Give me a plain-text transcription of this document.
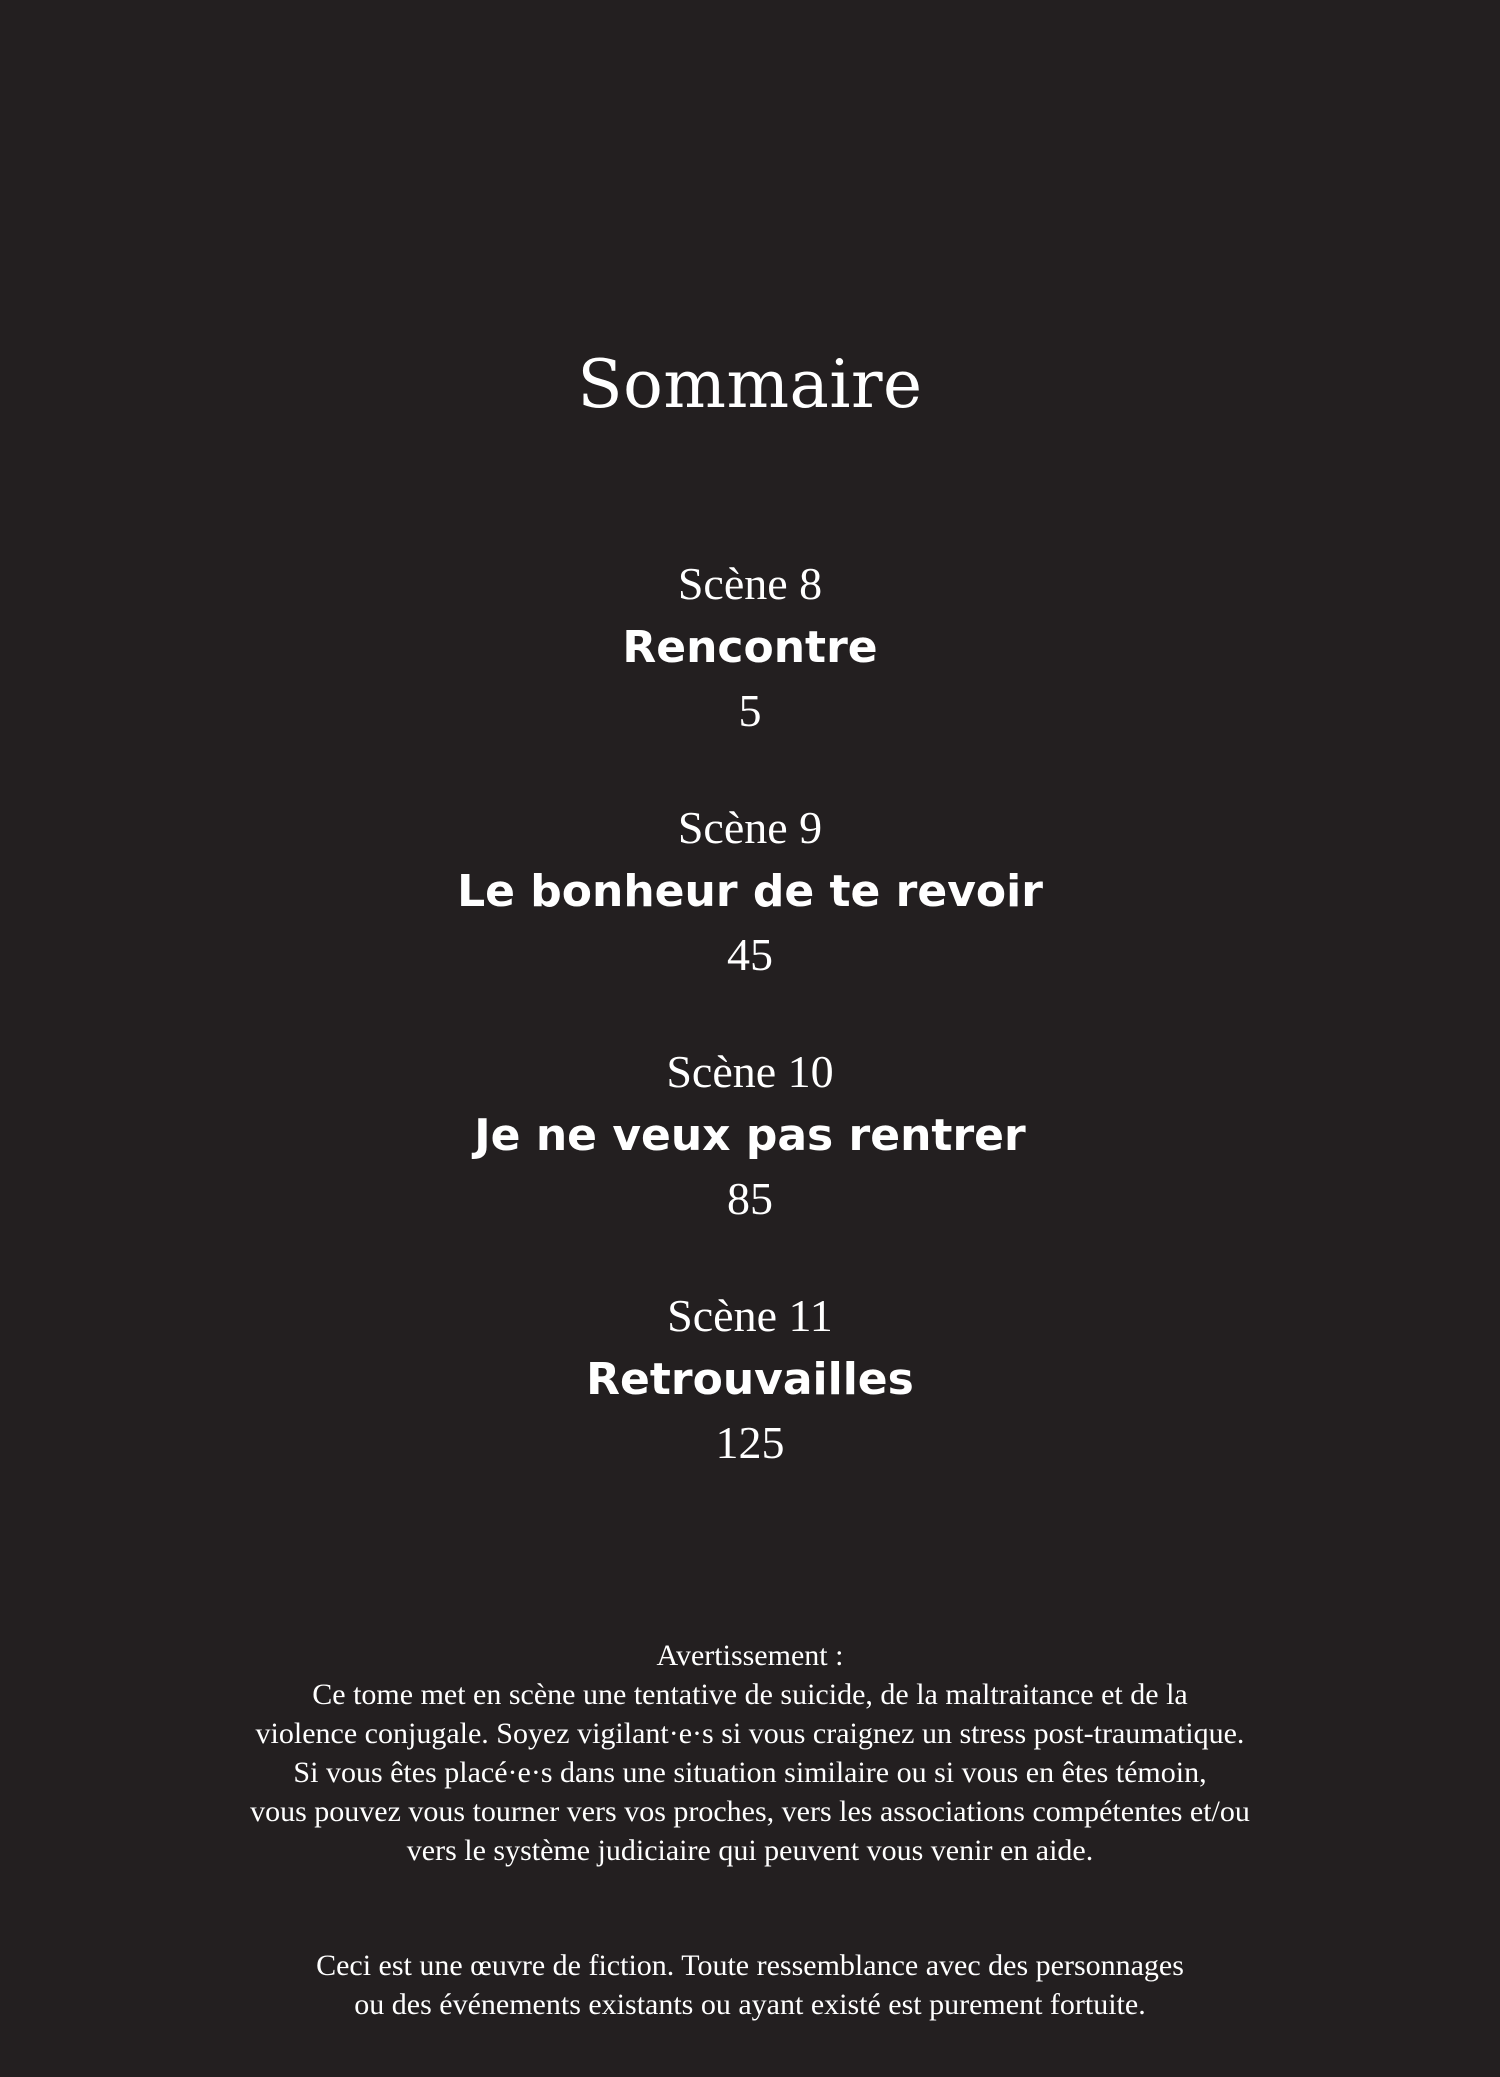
Sommaire
Scène 8
Rencontre
5
Scène 9
Le bonheur de te revoir
45
Scène 10
Je ne veux pas rentrer
85
Scène 11
Retrouvailles
125
Avertissement :
Ce tome met en scène une tentative de suicide, de la maltraitance et de la
violence conjugale. Soyez vigilant·e·s si vous craignez un stress post-traumatique.
Si vous êtes placé·e·s dans une situation similaire ou si vous en êtes témoin,
vous pouvez vous tourner vers vos proches, vers les associations compétentes et/ou
vers le système judiciaire qui peuvent vous venir en aide.
Ceci est une œuvre de fiction. Toute ressemblance avec des personnages
ou des événements existants ou ayant existé est purement fortuite.
